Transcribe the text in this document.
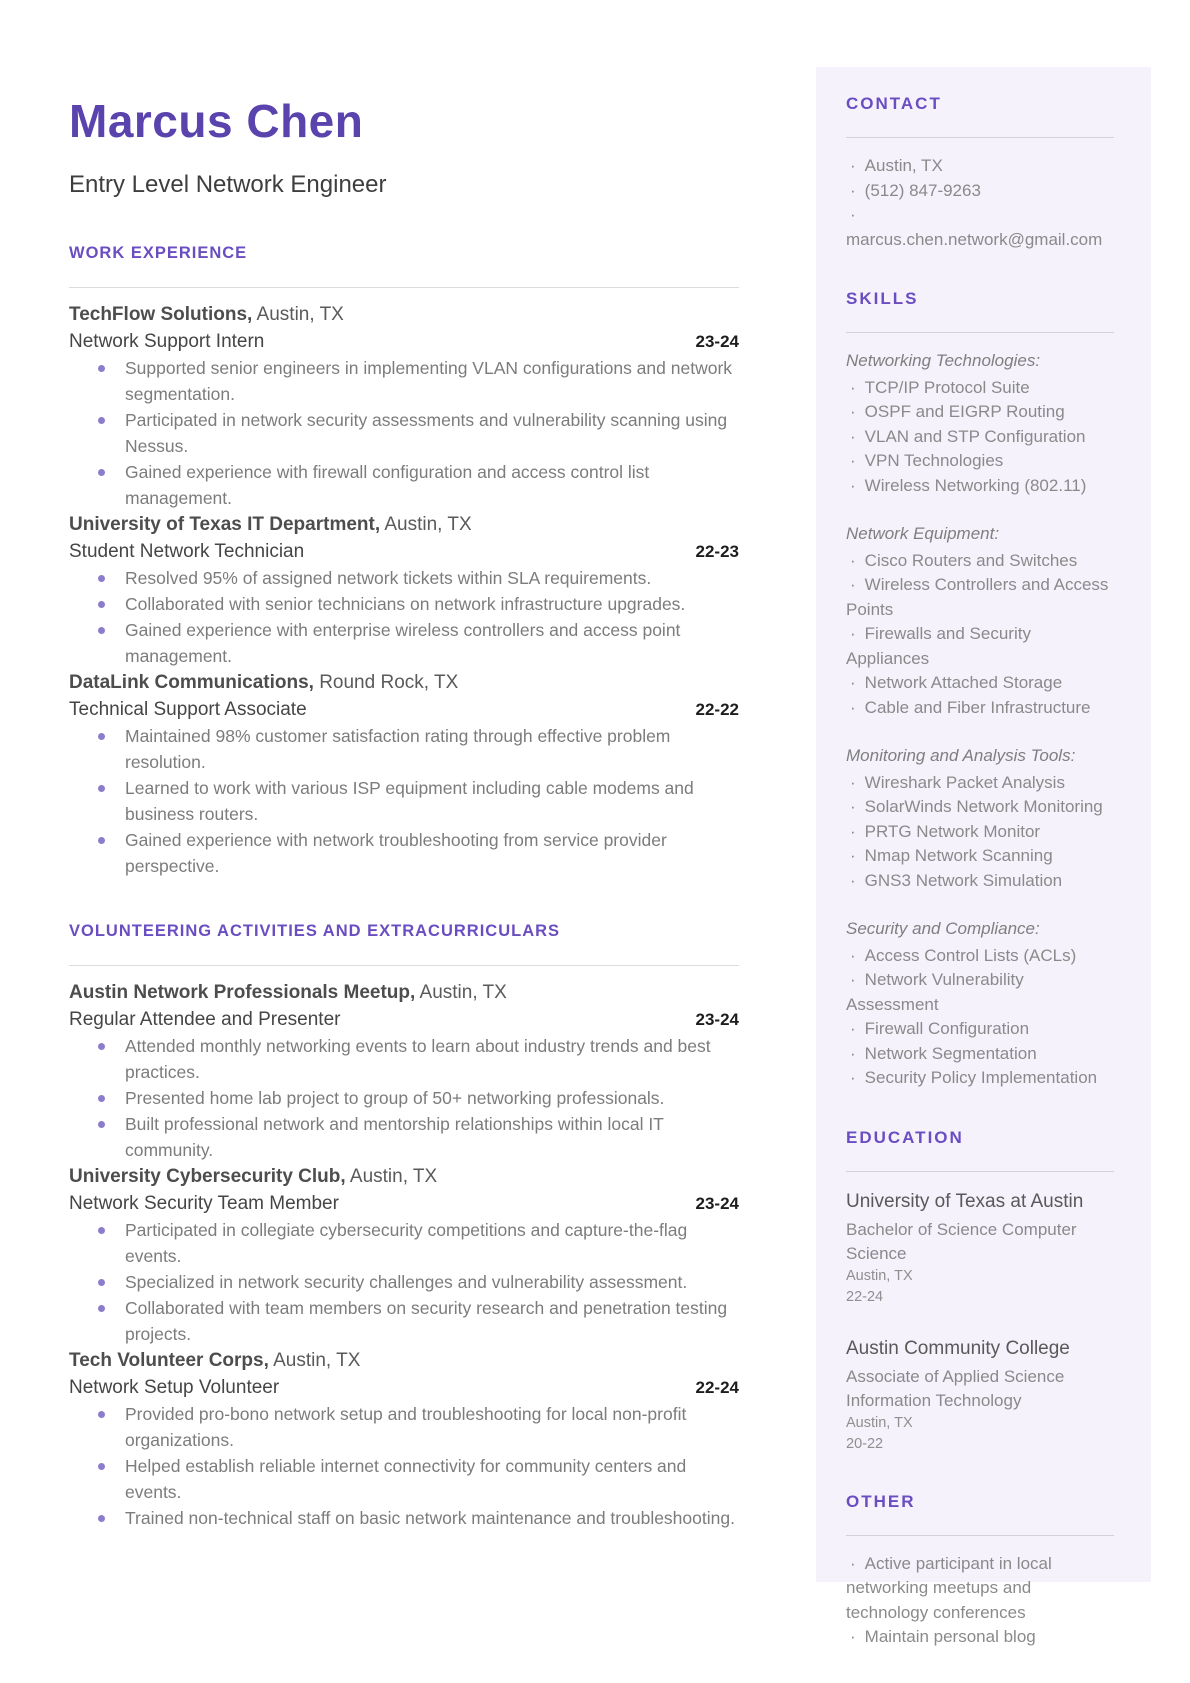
Marcus Chen
Entry Level Network Engineer
WORK EXPERIENCE
TechFlow Solutions, Austin, TX
Network Support Intern	23-24
Supported senior engineers in implementing VLAN configurations and network segmentation.
Participated in network security assessments and vulnerability scanning using Nessus.
Gained experience with firewall configuration and access control list management.
University of Texas IT Department, Austin, TX
Student Network Technician	22-23
Resolved 95% of assigned network tickets within SLA requirements.
Collaborated with senior technicians on network infrastructure upgrades.
Gained experience with enterprise wireless controllers and access point management.
DataLink Communications, Round Rock, TX
Technical Support Associate	22-22
Maintained 98% customer satisfaction rating through effective problem resolution.
Learned to work with various ISP equipment including cable modems and business routers.
Gained experience with network troubleshooting from service provider perspective.
VOLUNTEERING ACTIVITIES AND EXTRACURRICULARS
Austin Network Professionals Meetup, Austin, TX
Regular Attendee and Presenter	23-24
Attended monthly networking events to learn about industry trends and best practices.
Presented home lab project to group of 50+ networking professionals.
Built professional network and mentorship relationships within local IT community.
University Cybersecurity Club, Austin, TX
Network Security Team Member	23-24
Participated in collegiate cybersecurity competitions and capture-the-flag events.
Specialized in network security challenges and vulnerability assessment.
Collaborated with team members on security research and penetration testing projects.
Tech Volunteer Corps, Austin, TX
Network Setup Volunteer	22-24
Provided pro-bono network setup and troubleshooting for local non-profit organizations.
Helped establish reliable internet connectivity for community centers and events.
Trained non-technical staff on basic network maintenance and troubleshooting.
CONTACT
· Austin, TX
· (512) 847-9263
·marcus.chen.network@gmail.com
SKILLS
Networking Technologies:
· TCP/IP Protocol Suite
· OSPF and EIGRP Routing
· VLAN and STP Configuration
· VPN Technologies
· Wireless Networking (802.11)
Network Equipment:
· Cisco Routers and Switches
· Wireless Controllers and Access Points
· Firewalls and Security Appliances
· Network Attached Storage
· Cable and Fiber Infrastructure
Monitoring and Analysis Tools:
· Wireshark Packet Analysis
· SolarWinds Network Monitoring
· PRTG Network Monitor
· Nmap Network Scanning
· GNS3 Network Simulation
Security and Compliance:
· Access Control Lists (ACLs)
· Network Vulnerability Assessment
· Firewall Configuration
· Network Segmentation
· Security Policy Implementation
EDUCATION
University of Texas at Austin
Bachelor of Science Computer Science
Austin, TX
22-24
Austin Community College
Associate of Applied Science Information Technology
Austin, TX
20-22
OTHER
· Active participant in local networking meetups and technology conferences
· Maintain personal blog
